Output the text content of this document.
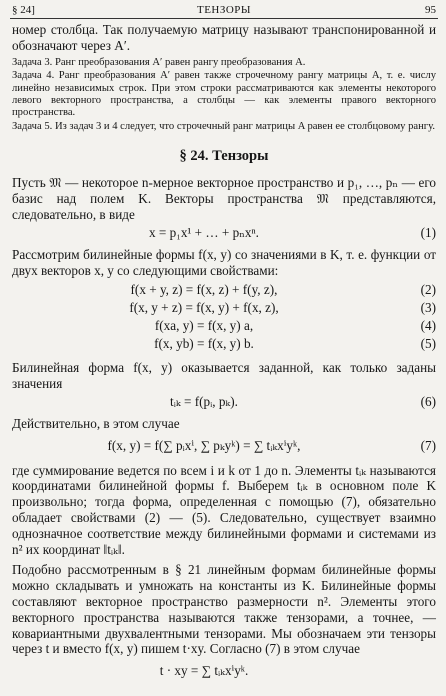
§ 24]	ТЕНЗОРЫ	95

номер столбца. Так получаемую матрицу называют транспонированной и обозначают через A′.

Задача 3. Ранг преобразования A′ равен рангу преобразования A.

Задача 4. Ранг преобразования A′ равен также строчечному рангу матрицы A, т. е. числу линейно независимых строк. При этом строки рассматриваются как элементы некоторого левого векторного пространства, а столбцы — как элементы правого векторного пространства.

Задача 5. Из задач 3 и 4 следует, что строчечный ранг матрицы A равен ее столбцовому рангу.

§ 24. Тензоры

Пусть 𝔐 — некоторое n-мерное векторное пространство и p₁, …, pₙ — его базис над полем K. Векторы пространства 𝔐 представляются, следовательно, в виде

x = p₁x¹ + … + pₙxⁿ.	(1)

Рассмотрим билинейные формы f(x, y) со значениями в K, т. е. функции от двух векторов x, y со следующими свойствами:

f(x + y, z) = f(x, z) + f(y, z),	(2)
f(x, y + z) = f(x, y) + f(x, z),	(3)
f(xa, y) = f(x, y) a,	(4)
f(x, yb) = f(x, y) b.	(5)

Билинейная форма f(x, y) оказывается заданной, как только заданы значения

tᵢₖ = f(pᵢ, pₖ).	(6)

Действительно, в этом случае

f(x, y) = f(∑ pᵢxⁱ, ∑ pₖyᵏ) = ∑ tᵢₖxⁱyᵏ,	(7)

где суммирование ведется по всем i и k от 1 до n. Элементы tᵢₖ называются координатами билинейной формы f. Выберем tᵢₖ в основном поле K произвольно; тогда форма, определенная с помощью (7), обязательно обладает свойствами (2) — (5). Следовательно, существует взаимно однозначное соответствие между билинейными формами и системами из n² их координат ‖tᵢₖ‖.

Подобно рассмотренным в § 21 линейным формам билинейные формы можно складывать и умножать на константы из K. Билинейные формы составляют векторное пространство размерности n². Элементы этого векторного пространства называются также тензорами, а точнее, — ковариантными двухвалентными тензорами. Мы обозначаем эти тензоры через t и вместо f(x, y) пишем t·xy. Согласно (7) в этом случае

t · xy = ∑ tᵢₖxⁱyᵏ.
